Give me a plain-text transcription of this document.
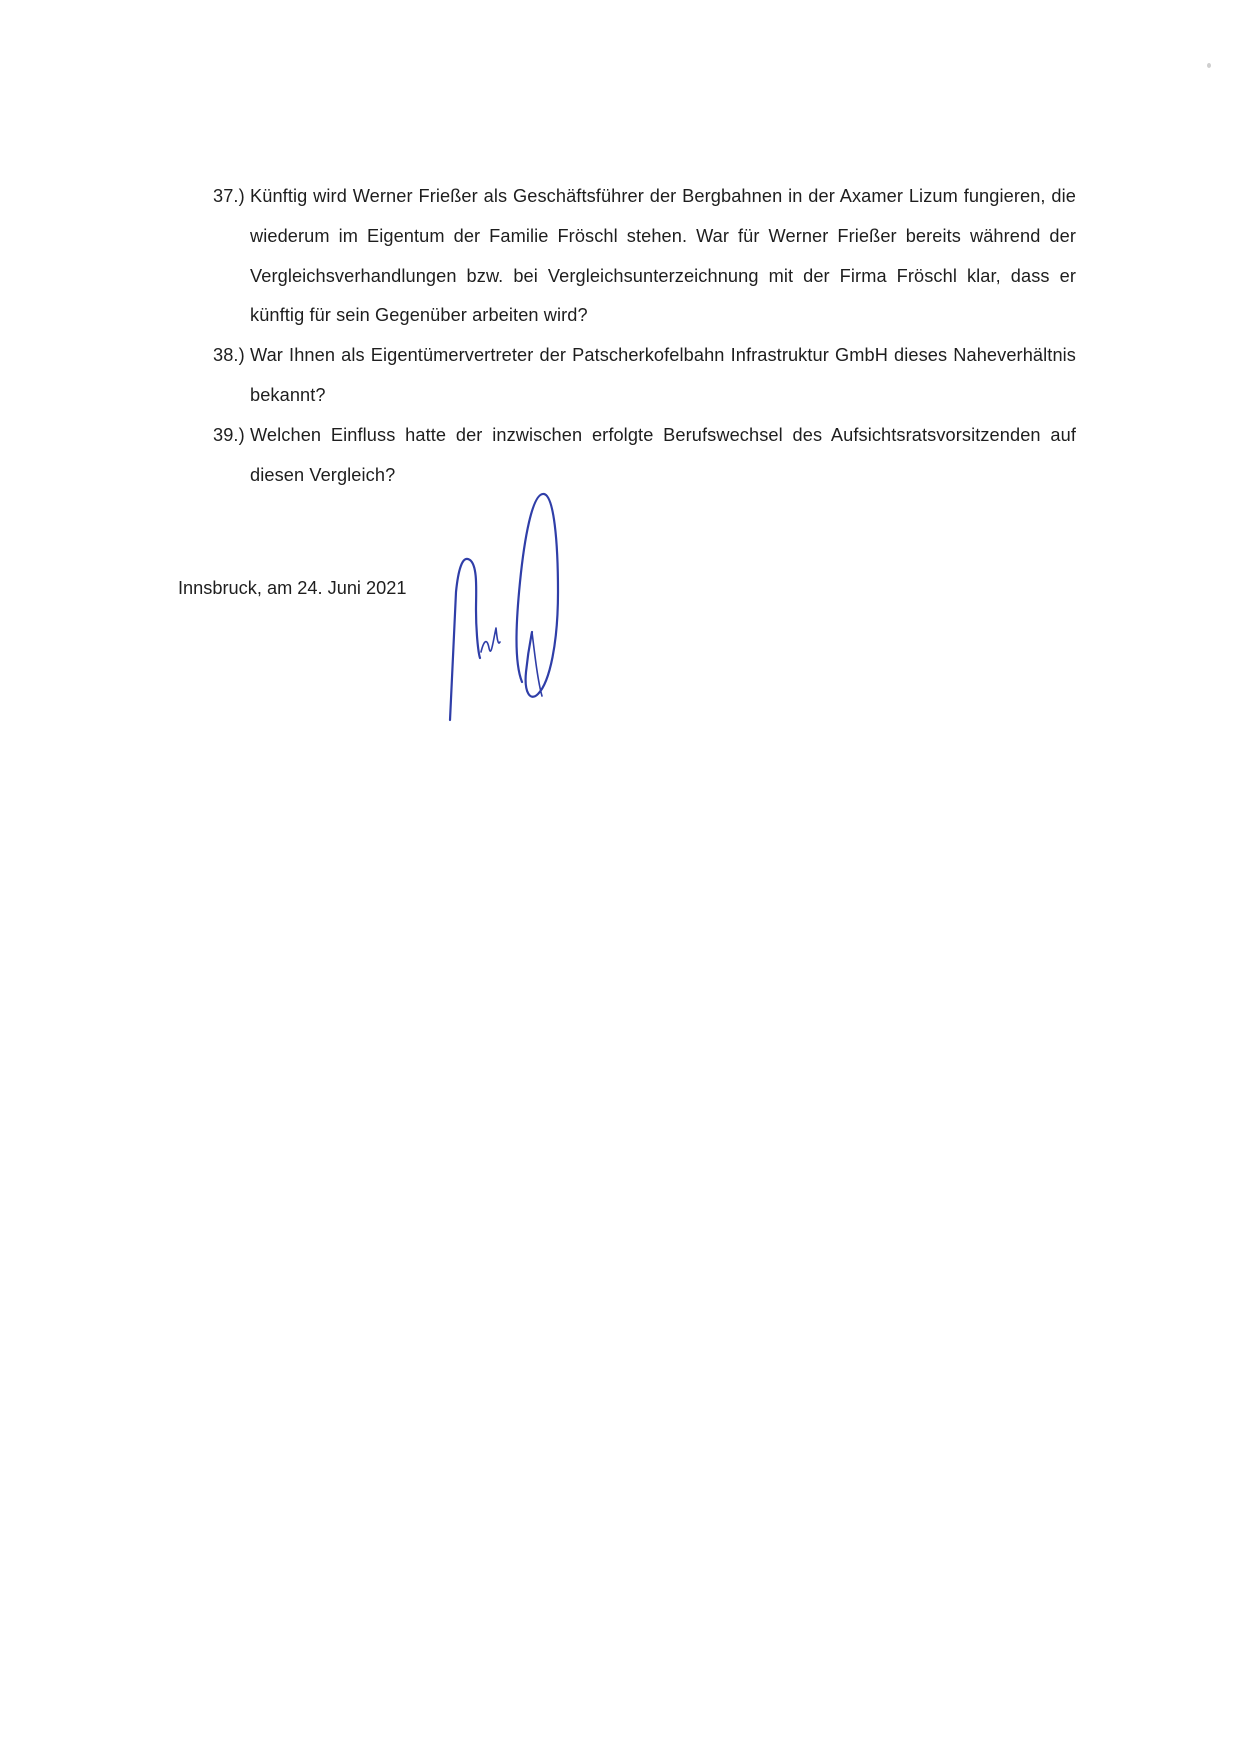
37.) Künftig wird Werner Frießer als Geschäftsführer der Bergbahnen in der Axamer Lizum fungieren, die wiederum im Eigentum der Familie Fröschl stehen. War für Werner Frießer bereits während der Vergleichsverhandlungen bzw. bei Vergleichsunterzeichnung mit der Firma Fröschl klar, dass er künftig für sein Gegenüber arbeiten wird?
38.) War Ihnen als Eigentümervertreter der Patscherkofelbahn Infrastruktur GmbH dieses Naheverhältnis bekannt?
39.) Welchen Einfluss hatte der inzwischen erfolgte Berufswechsel des Aufsichtsratsvorsitzenden auf diesen Vergleich?
Innsbruck, am 24. Juni 2021
